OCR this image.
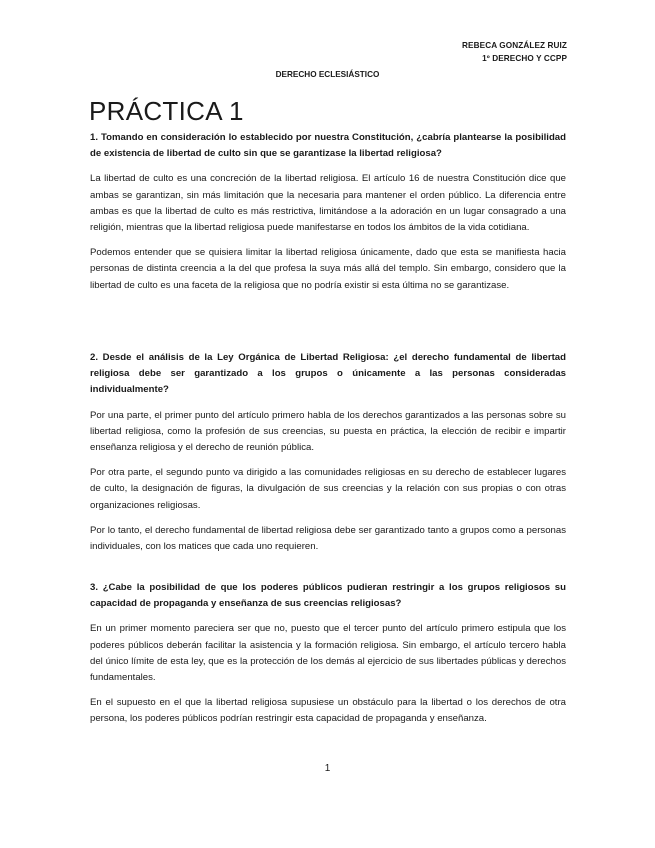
REBECA GONZÁLEZ RUIZ
1º DERECHO Y CCPP
DERECHO ECLESIÁSTICO
PRÁCTICA 1

1. Tomando en consideración lo establecido por nuestra Constitución, ¿cabría plantearse la posibilidad de existencia de libertad de culto sin que se garantizase la libertad religiosa?

La libertad de culto es una concreción de la libertad religiosa. El artículo 16 de nuestra Constitución dice que ambas se garantizan, sin más limitación que la necesaria para mantener el orden público. La diferencia entre ambas es que la libertad de culto es más restrictiva, limitándose a la adoración en un lugar consagrado a una religión, mientras que la libertad religiosa puede manifestarse en todos los ámbitos de la vida cotidiana.

Podemos entender que se quisiera limitar la libertad religiosa únicamente, dado que esta se manifiesta hacia personas de distinta creencia a la del que profesa la suya más allá del templo. Sin embargo, considero que la libertad de culto es una faceta de la religiosa que no podría existir si esta última no se garantizase.

2. Desde el análisis de la Ley Orgánica de Libertad Religiosa: ¿el derecho fundamental de libertad religiosa debe ser garantizado a los grupos o únicamente a las personas consideradas individualmente?

Por una parte, el primer punto del artículo primero habla de los derechos garantizados a las personas sobre su libertad religiosa, como la profesión de sus creencias, su puesta en práctica, la elección de recibir e impartir enseñanza religiosa y el derecho de reunión pública.

Por otra parte, el segundo punto va dirigido a las comunidades religiosas en su derecho de establecer lugares de culto, la designación de figuras, la divulgación de sus creencias y la relación con sus propias o con otras organizaciones religiosas.

Por lo tanto, el derecho fundamental de libertad religiosa debe ser garantizado tanto a grupos como a personas individuales, con los matices que cada uno requieren.

3. ¿Cabe la posibilidad de que los poderes públicos pudieran restringir a los grupos religiosos su capacidad de propaganda y enseñanza de sus creencias religiosas?

En un primer momento pareciera ser que no, puesto que el tercer punto del artículo primero estipula que los poderes públicos deberán facilitar la asistencia y la formación religiosa. Sin embargo, el artículo tercero habla del único límite de esta ley, que es la protección de los demás al ejercicio de sus libertades públicas y derechos fundamentales.

En el supuesto en el que la libertad religiosa supusiese un obstáculo para la libertad o los derechos de otra persona, los poderes públicos podrían restringir esta capacidad de propaganda y enseñanza.

1
